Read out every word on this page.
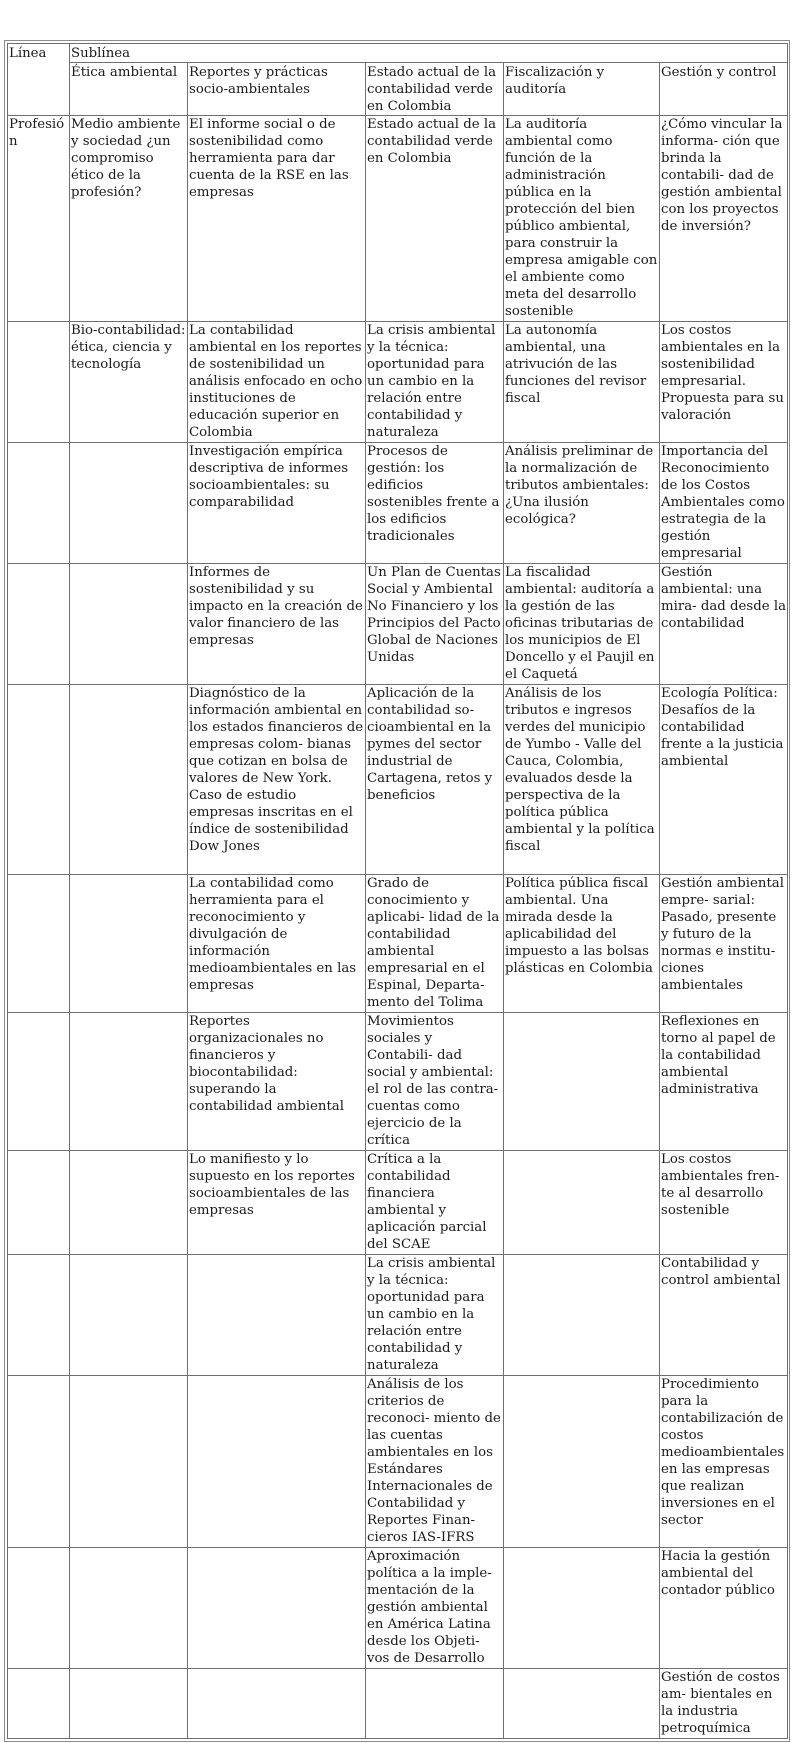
Línea	Sublínea				
	Ética ambiental	Reportes y prácticas socio-ambientales	Estado actual de la contabilidad verde en Colombia	Fiscalización y auditoría	Gestión y control
Profesión	Medio ambiente y sociedad ¿un compromiso ético de la profesión?	El informe social o de sostenibilidad como herramienta para dar cuenta de la RSE en las empresas	Estado actual de la contabilidad verde en Colombia	La auditoría ambiental como función de la administración pública en la protección del bien público ambiental, para construir la empresa amigable con el ambiente como meta del desarrollo sostenible	¿Cómo vincular la informa- ción que brinda la contabili- dad de gestión ambiental con los proyectos de inversión?
	Bio-contabilidad: ética, ciencia y tecnología	La contabilidad ambiental en los reportes de sostenibilidad un análisis enfocado en ocho instituciones de educación superior en Colombia	La crisis ambiental y la técnica: oportunidad para un cambio en la relación entre contabilidad y naturaleza	La autonomía ambiental, una atrivución de las funciones del revisor fiscal	Los costos ambientales en la sostenibilidad empresarial. Propuesta para su valoración
		Investigación empírica descriptiva de informes socioambientales: su comparabilidad	Procesos de gestión: los edificios sostenibles frente a los edificios tradicionales	Análisis preliminar de la normalización de tributos ambientales: ¿Una ilusión ecológica?	Importancia del Reconocimiento de los Costos Ambientales como estrategia de la gestión empresarial
		Informes de sostenibilidad y su impacto en la creación de valor financiero de las empresas	Un Plan de Cuentas Social y Ambiental No Financiero y los Principios del Pacto Global de Naciones Unidas	La fiscalidad ambiental: auditoría a la gestión de las oficinas tributarias de los municipios de El Doncello y el Paujil en el Caquetá	Gestión ambiental: una mira- dad desde la contabilidad
		Diagnóstico de la información ambiental en los estados financieros de empresas colom- bianas que cotizan en bolsa de valores de New York. Caso de estudio empresas inscritas en el índice de sostenibilidad Dow Jones	Aplicación de la contabilidad so- cioambiental en la pymes del sector industrial de Cartagena, retos y beneficios	Análisis de los tributos e ingresos verdes del municipio de Yumbo - Valle del Cauca, Colombia, evaluados desde la perspectiva de la política pública ambiental y la política fiscal	Ecología Política: Desafíos de la contabilidad frente a la justicia ambiental
		La contabilidad como herramienta para el reconocimiento y divulgación de información medioambientales en las empresas	Grado de conocimiento y aplicabi- lidad de la contabilidad ambiental empresarial en el Espinal, Departa- mento del Tolima	Política pública fiscal ambiental. Una mirada desde la aplicabilidad del impuesto a las bolsas plásticas en Colombia	Gestión ambiental empre- sarial: Pasado, presente y futuro de la normas e institu- ciones ambientales
		Reportes organizacionales no financieros y biocontabilidad: superando la contabilidad ambiental	Movimientos sociales y Contabili- dad social y ambiental: el rol de las contra-cuentas como ejercicio de la crítica		Reflexiones en torno al papel de la contabilidad ambiental administrativa
		Lo manifiesto y lo supuesto en los reportes socioambientales de las empresas	Crítica a la contabilidad financiera ambiental y aplicación parcial del SCAE		Los costos ambientales fren- te al desarrollo sostenible
			La crisis ambiental y la técnica: oportunidad para un cambio en la relación entre contabilidad y naturaleza		Contabilidad y control ambiental
			Análisis de los criterios de reconoci- miento de las cuentas ambientales en los Estándares Internacionales de Contabilidad y Reportes Finan- cieros IAS-IFRS		Procedimiento para la contabilización de costos medioambientales en las empresas que realizan inversiones en el sector
			Aproximación política a la imple- mentación de la gestión ambiental en América Latina desde los Objeti- vos de Desarrollo		Hacia la gestión ambiental del contador público
					Gestión de costos am- bientales en la industria petroquímica
